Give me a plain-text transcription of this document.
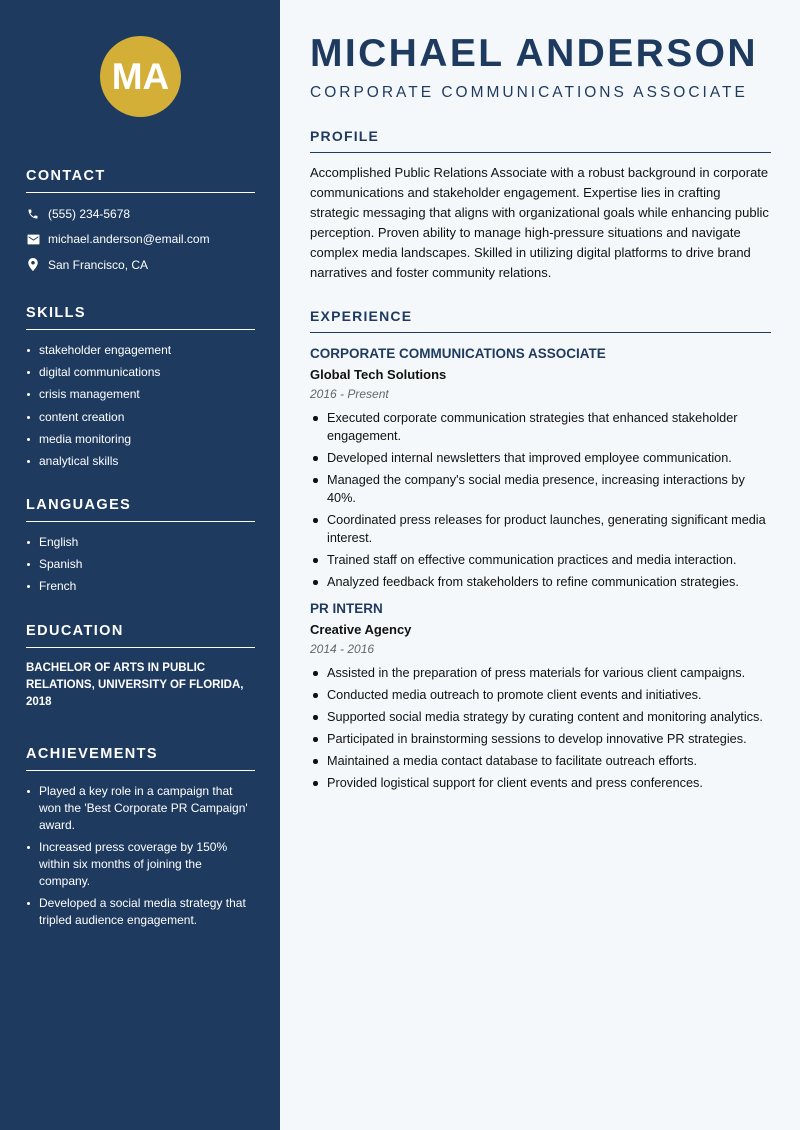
MA
CONTACT
(555) 234-5678
michael.anderson@email.com
San Francisco, CA
SKILLS
stakeholder engagement
digital communications
crisis management
content creation
media monitoring
analytical skills
LANGUAGES
English
Spanish
French
EDUCATION
BACHELOR OF ARTS IN PUBLIC RELATIONS, UNIVERSITY OF FLORIDA, 2018
ACHIEVEMENTS
Played a key role in a campaign that won the 'Best Corporate PR Campaign' award.
Increased press coverage by 150% within six months of joining the company.
Developed a social media strategy that tripled audience engagement.
MICHAEL ANDERSON
CORPORATE COMMUNICATIONS ASSOCIATE
PROFILE
Accomplished Public Relations Associate with a robust background in corporate communications and stakeholder engagement. Expertise lies in crafting strategic messaging that aligns with organizational goals while enhancing public perception. Proven ability to manage high-pressure situations and navigate complex media landscapes. Skilled in utilizing digital platforms to drive brand narratives and foster community relations.
EXPERIENCE
CORPORATE COMMUNICATIONS ASSOCIATE
Global Tech Solutions
2016 - Present
Executed corporate communication strategies that enhanced stakeholder engagement.
Developed internal newsletters that improved employee communication.
Managed the company's social media presence, increasing interactions by 40%.
Coordinated press releases for product launches, generating significant media interest.
Trained staff on effective communication practices and media interaction.
Analyzed feedback from stakeholders to refine communication strategies.
PR INTERN
Creative Agency
2014 - 2016
Assisted in the preparation of press materials for various client campaigns.
Conducted media outreach to promote client events and initiatives.
Supported social media strategy by curating content and monitoring analytics.
Participated in brainstorming sessions to develop innovative PR strategies.
Maintained a media contact database to facilitate outreach efforts.
Provided logistical support for client events and press conferences.
